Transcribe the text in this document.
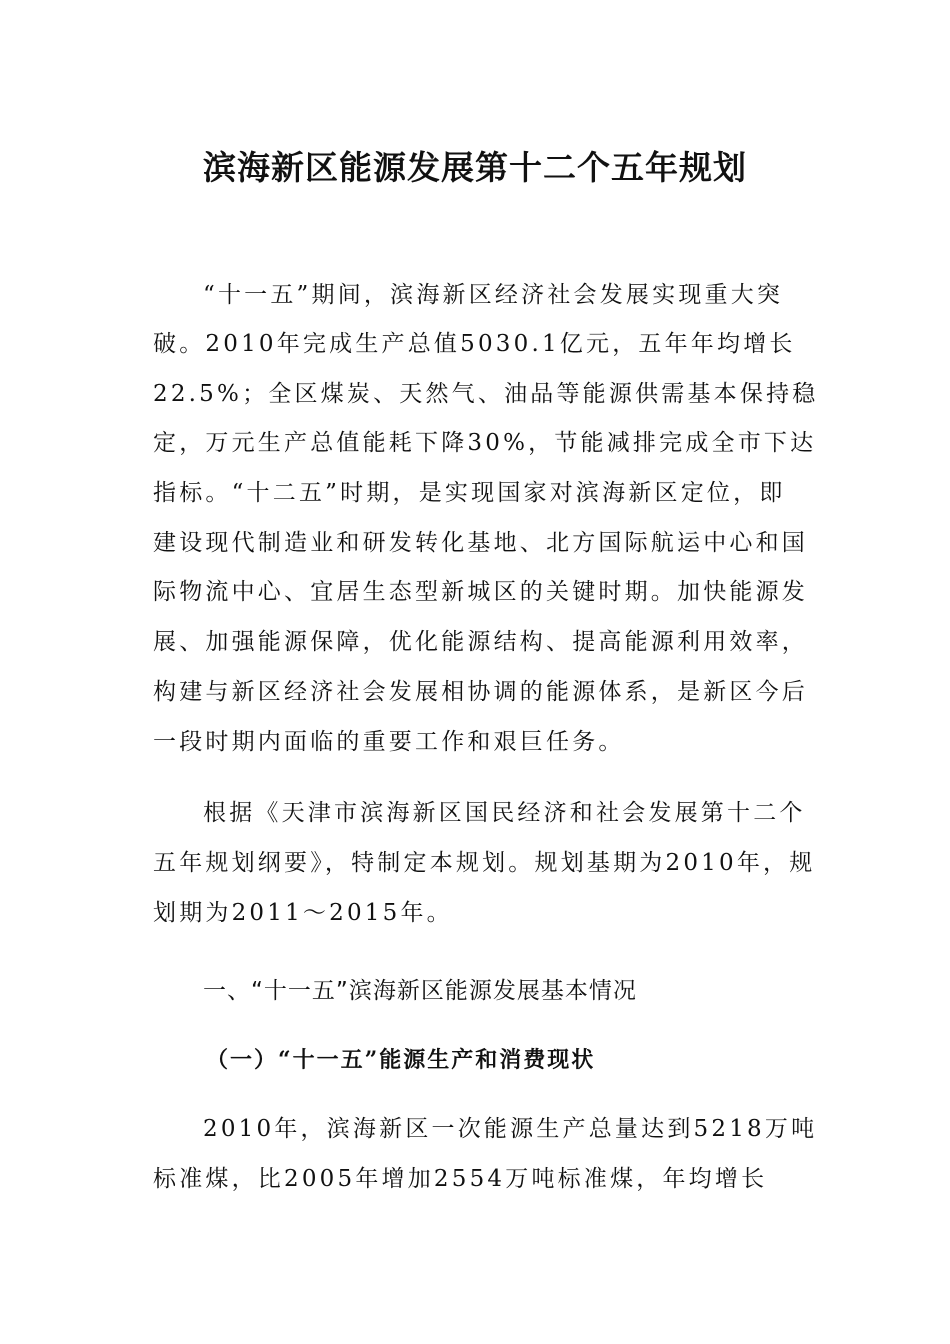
滨海新区能源发展第十二个五年规划
“十一五”期间，滨海新区经济社会发展实现重大突
破。2010年完成生产总值5030.1亿元，五年年均增长
22.5%；全区煤炭、天然气、油品等能源供需基本保持稳
定，万元生产总值能耗下降30%，节能减排完成全市下达
指标。“十二五”时期，是实现国家对滨海新区定位，即
建设现代制造业和研发转化基地、北方国际航运中心和国
际物流中心、宜居生态型新城区的关键时期。加快能源发
展、加强能源保障，优化能源结构、提高能源利用效率，
构建与新区经济社会发展相协调的能源体系，是新区今后
一段时期内面临的重要工作和艰巨任务。
根据《天津市滨海新区国民经济和社会发展第十二个
五年规划纲要》，特制定本规划。规划基期为2010年，规
划期为2011～2015年。
一、“十一五”滨海新区能源发展基本情况
（一）“十一五”能源生产和消费现状
2010年，滨海新区一次能源生产总量达到5218万吨
标准煤，比2005年增加2554万吨标准煤，年均增长
